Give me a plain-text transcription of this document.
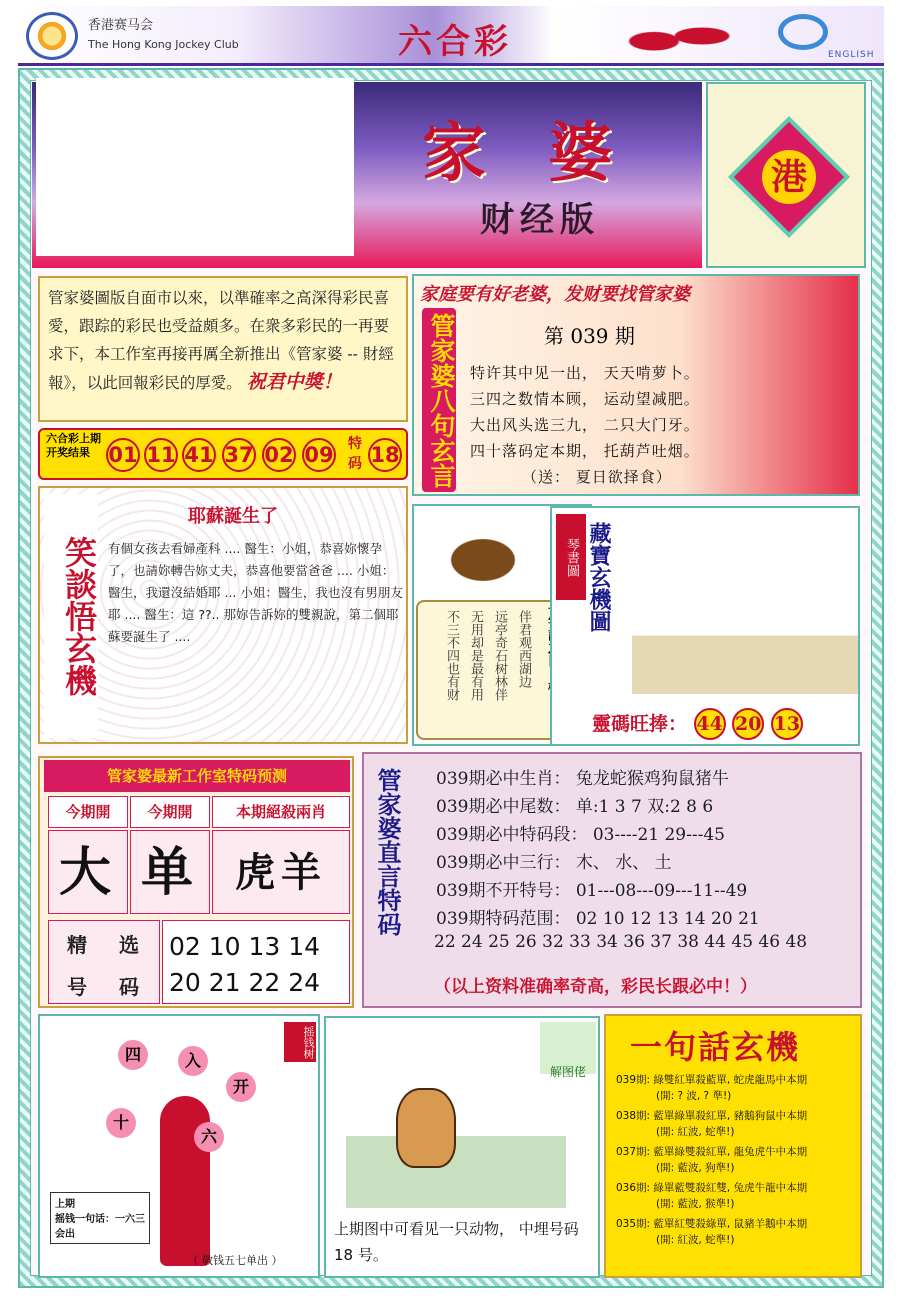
香港赛马会
The Hong Kong Jockey Club	六合彩	ENGLISH
家 婆
财经版
港
管家婆圖版自面市以來，以準確率之高深得彩民喜愛，跟踪的彩民也受益頗多。在衆多彩民的一再要求下，本工作室再接再厲全新推出《管家婆 -- 財經報》，以此回報彩民的厚愛。 祝君中獎！
六合彩上期开奖结果 01 11 41 37 02 09 特码 18
家庭要有好老婆，发财要找管家婆
管家婆八句玄言	第 039 期
特许其中见一出， 天天啃萝卜。
三四之数情本顾， 运动望减肥。
大出风头选三九， 二只大门牙。
四十落码定本期， 托葫芦吐烟。
（送： 夏日欲择食）
笑談悟玄機
耶蘇誕生了
有個女孩去看婦產科 .... 醫生：小姐，恭喜妳懷孕了，也請妳轉告妳丈夫，恭喜他要當爸爸 .... 小姐：醫生，我還沒結婚耶 ... 小姐：醫生，我也沒有男朋友耶 .... 醫生：這 ??.. 那妳告訴妳的雙親說，第二個耶蘇要誕生了 ....	伴君观西湖边
远亭奇石树林伴
无用却是最有用
不三不四也有财
琴書圖 藏寶玄機圖
靈碼旺捧： 44 20 13
管家婆最新工作室特码预测
今期開	今期開	本期絕殺兩肖
大 单 虎羊
精 选
号 码
02 10 13 14
20 21 22 24
管家婆直言特码 039期必中生肖： 兔龙蛇猴鸡狗鼠猪牛
039期必中尾数： 单:1 3 7 双:2 8 6
039期必中特码段： 03----21 29---45
039期必中三行： 木、 水、 土
039期不开特号： 01---08---09---11--49
039期特码范围： 02 10 12 13 14 20 21
22 24 25 26 32 33 34 36 37 38 44 45 46 48
（以上资料准确率奇高，彩民长跟必中！）
四	入
开
十
六
摇钱树
上期
摇钱一句话：一六三会出
（ 敬钱五七单出 ）
解图佬
上期图中可看见一只动物， 中埋号码 18 号。
一句話玄機
039期: 綠雙紅單殺藍單, 蛇虎龍馬中本期
(開: ? 波, ? 準!)
038期: 藍單綠單殺紅單, 豬鵝狗鼠中本期
(開: 紅波, 蛇準!)
037期: 藍單綠雙殺紅單, 龍兔虎牛中本期
(開: 藍波, 狗準!)
036期: 綠單藍雙殺紅雙, 兔虎牛龍中本期
(開: 藍波, 猴準!)
035期: 藍單紅雙殺綠單, 鼠豬羊鵝中本期
(開: 紅波, 蛇準!)
